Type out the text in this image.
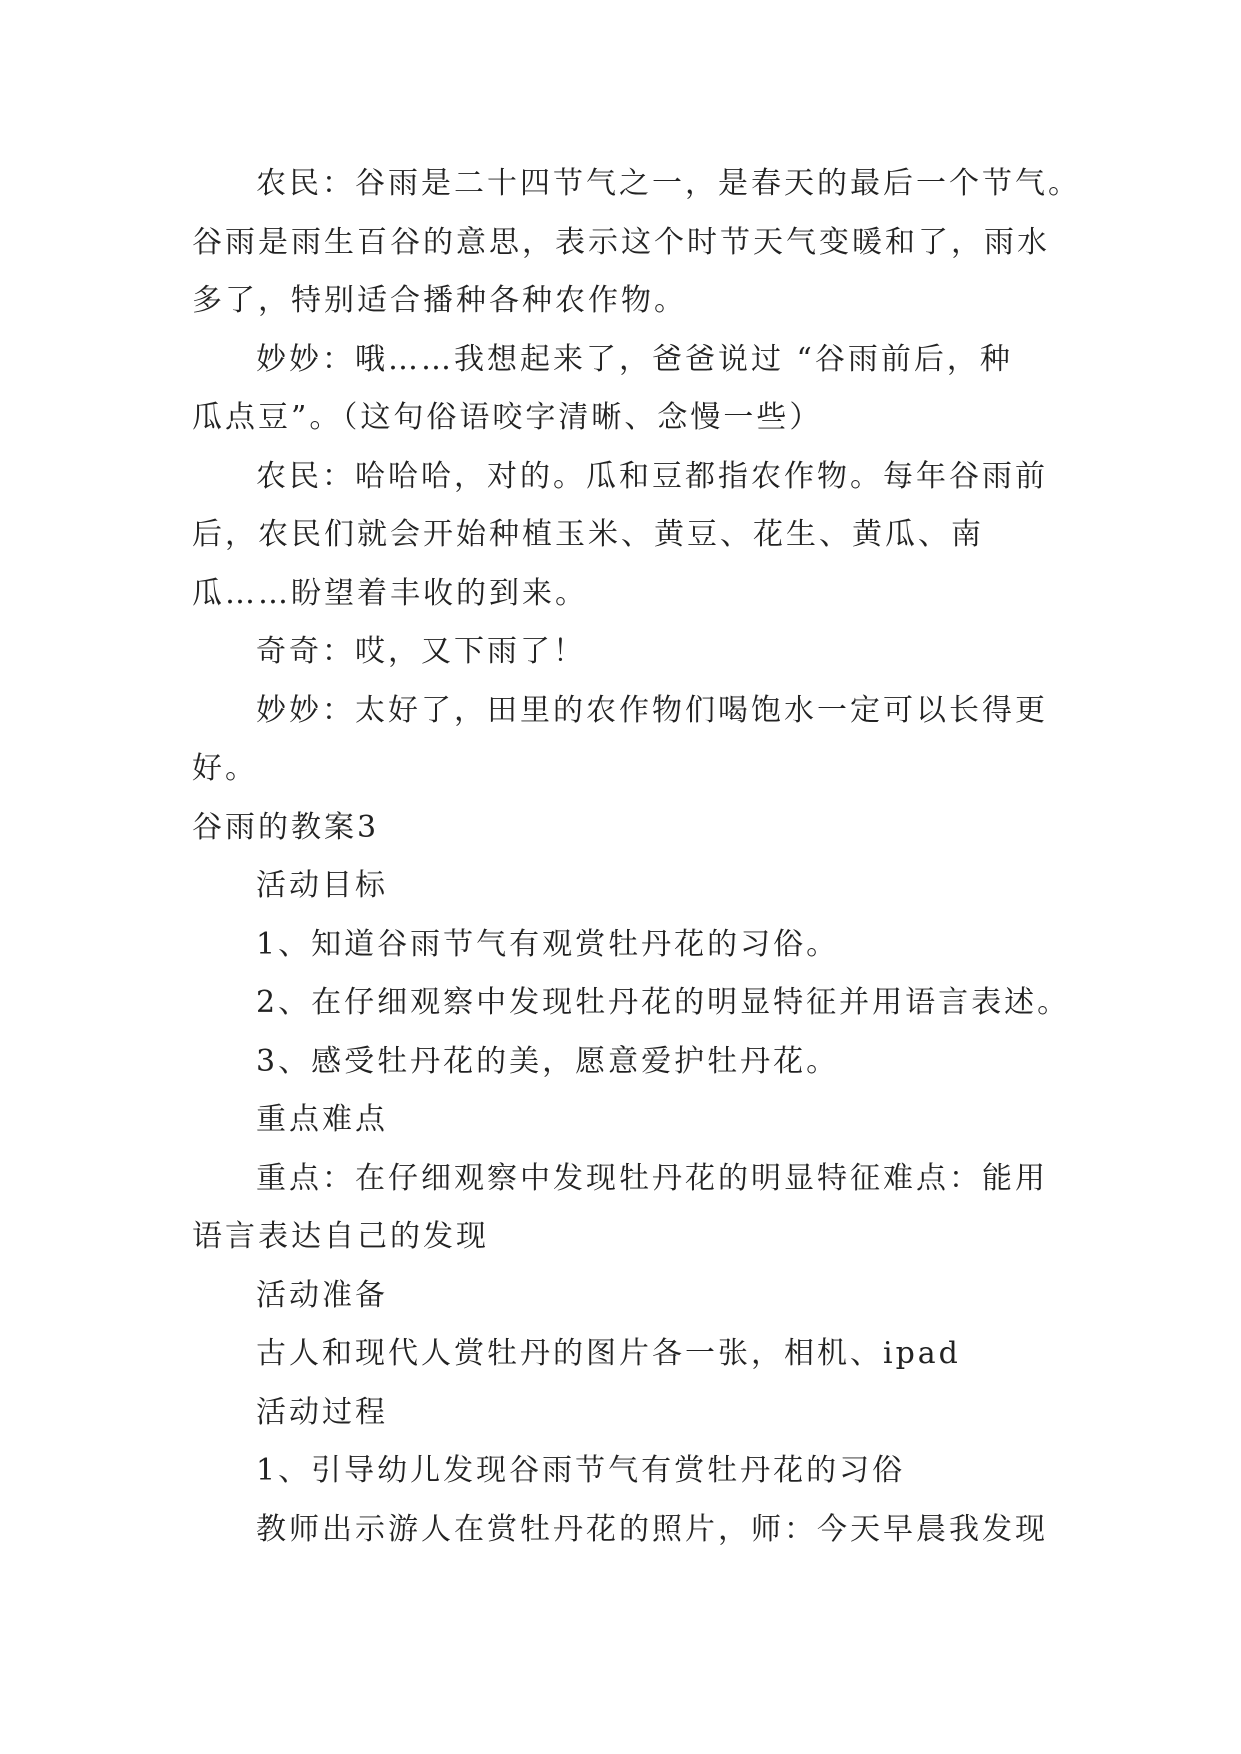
农民：谷雨是二十四节气之一，是春天的最后一个节气。

谷雨是雨生百谷的意思，表示这个时节天气变暖和了，雨水

多了，特别适合播种各种农作物。

妙妙：哦……我想起来了，爸爸说过 “谷雨前后，种

瓜点豆”。（这句俗语咬字清晰、念慢一些）

农民：哈哈哈，对的。瓜和豆都指农作物。每年谷雨前

后，农民们就会开始种植玉米、黄豆、花生、黄瓜、南

瓜……盼望着丰收的到来。

奇奇：哎，又下雨了！

妙妙：太好了，田里的农作物们喝饱水一定可以长得更

好。

谷雨的教案3

活动目标

1、知道谷雨节气有观赏牡丹花的习俗。

2、在仔细观察中发现牡丹花的明显特征并用语言表述。

3、感受牡丹花的美，愿意爱护牡丹花。

重点难点

重点：在仔细观察中发现牡丹花的明显特征难点：能用

语言表达自己的发现

活动准备

古人和现代人赏牡丹的图片各一张，相机、ipad

活动过程

1、引导幼儿发现谷雨节气有赏牡丹花的习俗

教师出示游人在赏牡丹花的照片，师：今天早晨我发现
